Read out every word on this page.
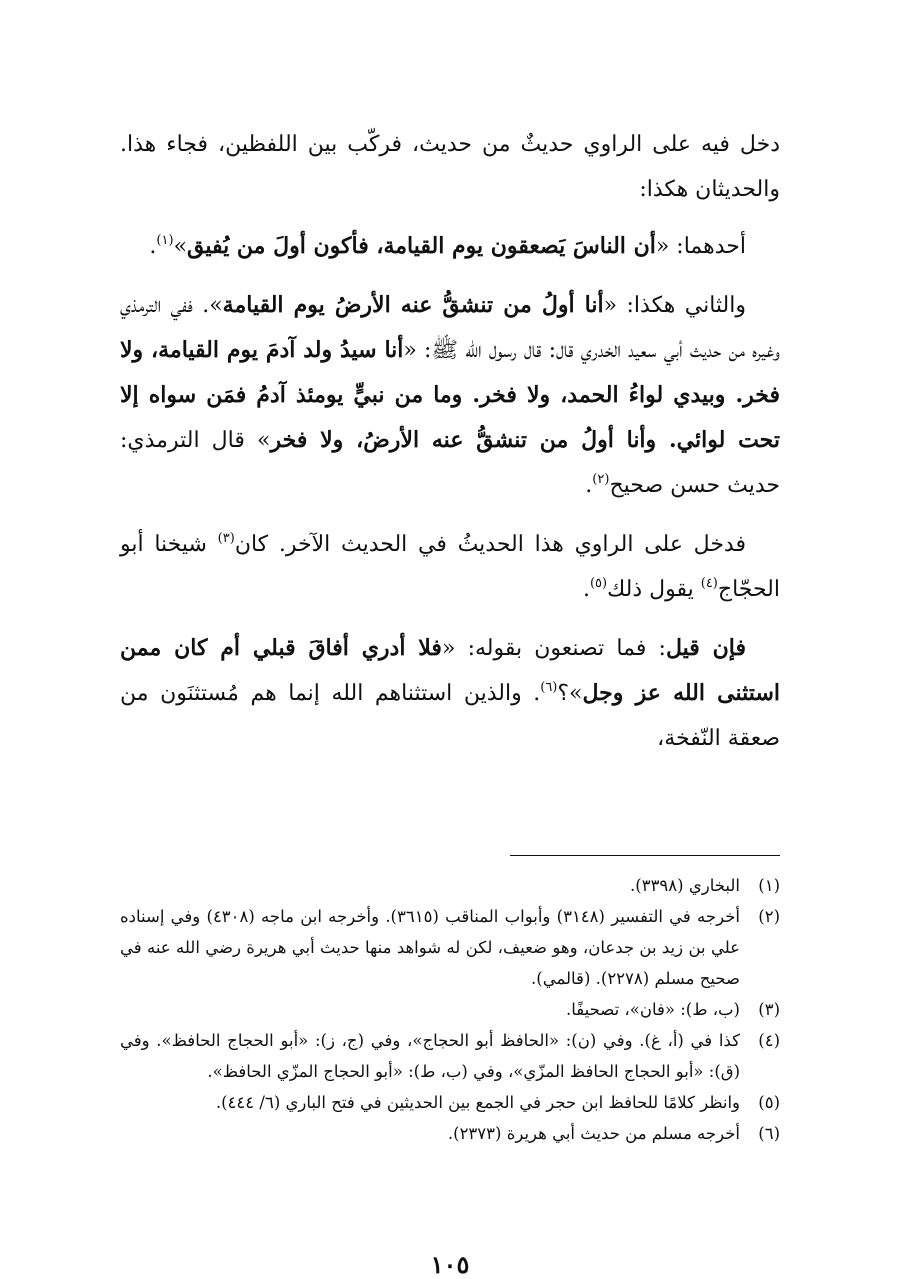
دخل فيه على الراوي حديثٌ من حديث، فركّب بين اللفظين، فجاء هذا. والحديثان هكذا:

أحدهما: «أن الناسَ يَصعقون يوم القيامة، فأكون أولَ من يُفيق»$^{(١)}$.

والثاني هكذا: «أنا أولُ من تنشقُّ عنه الأرضُ يوم القيامة». ففي الترمذي وغيره من حديث أبي سعيد الخدري قال: قال رسول الله ﷺ: «أنا سيدُ ولد آدمَ يوم القيامة، ولا فخر. وبيدي لواءُ الحمد، ولا فخر. وما من نبيٍّ يومئذ آدمُ فمَن سواه إلا تحت لوائي. وأنا أولُ من تنشقُّ عنه الأرضُ، ولا فخر» قال الترمذي: حديث حسن صحيح$^{(٢)}$.

فدخل على الراوي هذا الحديثُ في الحديث الآخر. كان$^{(٣)}$ شيخنا أبو الحجّاج$^{(٤)}$ يقول ذلك$^{(٥)}$.

فإن قيل: فما تصنعون بقوله: «فلا أدري أفاقَ قبلي أم كان ممن استثنى الله عز وجل»؟$^{(٦)}$. والذين استثناهم الله إنما هم مُستثنَون من صعقة النّفخة،

(١)
البخاري (٣٣٩٨).
(٢)
أخرجه في التفسير (٣١٤٨) وأبواب المناقب (٣٦١٥). وأخرجه ابن ماجه (٤٣٠٨) وفي إسناده علي بن زيد بن جدعان، وهو ضعيف، لكن له شواهد منها حديث أبي هريرة رضي الله عنه في صحيح مسلم (٢٢٧٨). (قالمي).
(٣)
(ب، ط): «فان»، تصحيفًا.
(٤)
كذا في (أ، غ). وفي (ن): «الحافظ أبو الحجاج»، وفي (ج، ز): «أبو الحجاج الحافظ». وفي (ق): «أبو الحجاج الحافظ المزّي»، وفي (ب، ط): «أبو الحجاج المزّي الحافظ».
(٥)
وانظر كلامًا للحافظ ابن حجر في الجمع بين الحديثين في فتح الباري (٦/ ٤٤٤).
(٦)
أخرجه مسلم من حديث أبي هريرة (٢٣٧٣).
١٠٥
